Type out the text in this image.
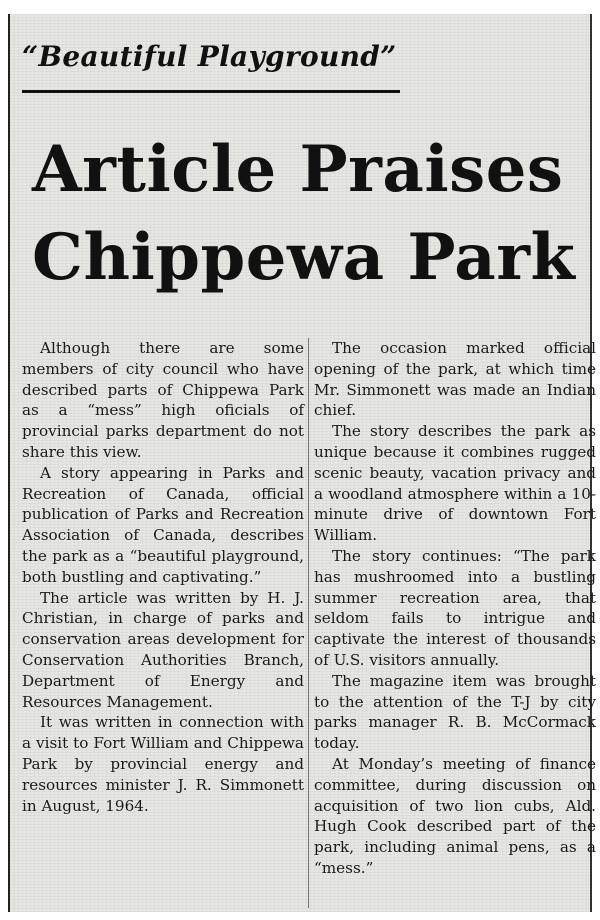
“Beautiful Playground”
Article Praises
Chippewa Park

Although there are some members of city council who have described parts of Chippewa Park as a “mess” high oficials of provincial parks department do not share this view.

A story appearing in Parks and Recreation of Canada, official publication of Parks and Recreation Association of Canada, describes the park as a “beautiful playground, both bustling and captivating.”

The article was written by H. J. Christian, in charge of parks and conservation areas development for Conservation Authorities Branch, Department of Energy and Resources Management.

It was written in connection with a visit to Fort William and Chippewa Park by provincial energy and resources minister J. R. Simmonett in August, 1964.

The occasion marked official opening of the park, at which time Mr. Simmonett was made an Indian chief.

The story describes the park as unique because it combines rugged scenic beauty, vacation privacy and a woodland atmosphere within a 10-minute drive of downtown Fort William.

The story continues: “The park has mushroomed into a bustling summer recreation area, that seldom fails to intrigue and captivate the interest of thousands of U.S. visitors annually.

The magazine item was brought to the attention of the T-J by city parks manager R. B. McCormack today.

At Monday’s meeting of finance committee, during discussion on acquisition of two lion cubs, Ald. Hugh Cook described part of the park, including animal pens, as a “mess.”
